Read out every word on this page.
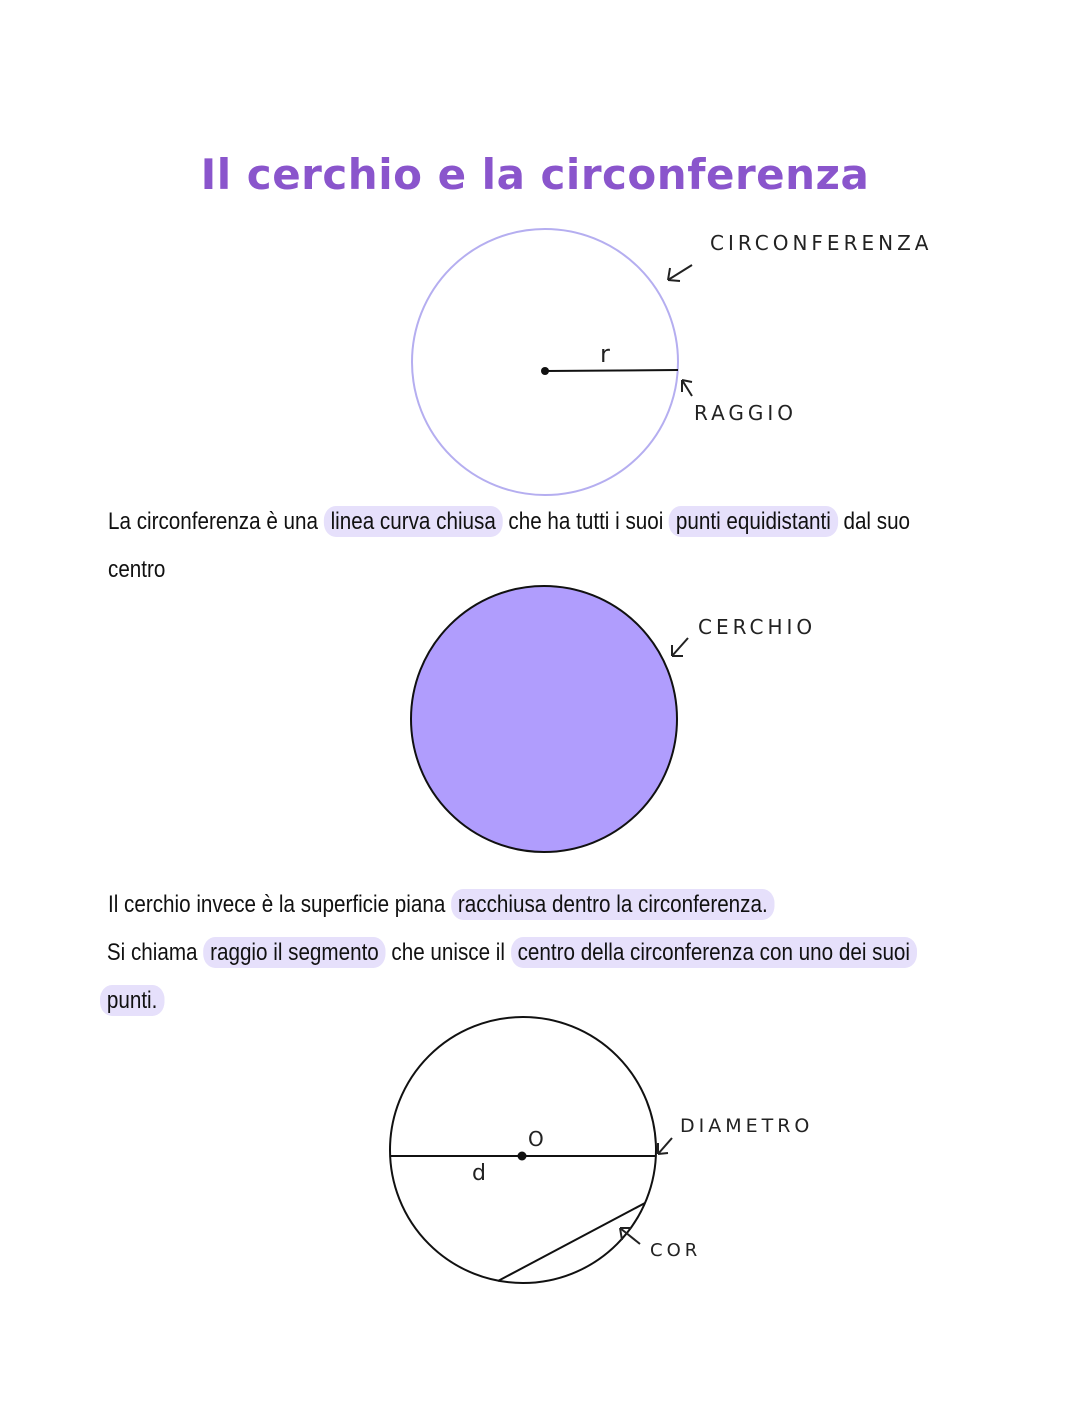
Il cerchio e la circonferenza
r
CIRCONFERENZA
RAGGIO
La circonferenza è una linea curva chiusa che ha tutti i suoi punti equidistanti dal suo
centro
CERCHIO
Il cerchio invece è la superficie piana racchiusa dentro la circonferenza.
Si chiama raggio il segmento che unisce il centro della circonferenza con uno dei suoi
punti.
O
d
DIAMETRO
COR
